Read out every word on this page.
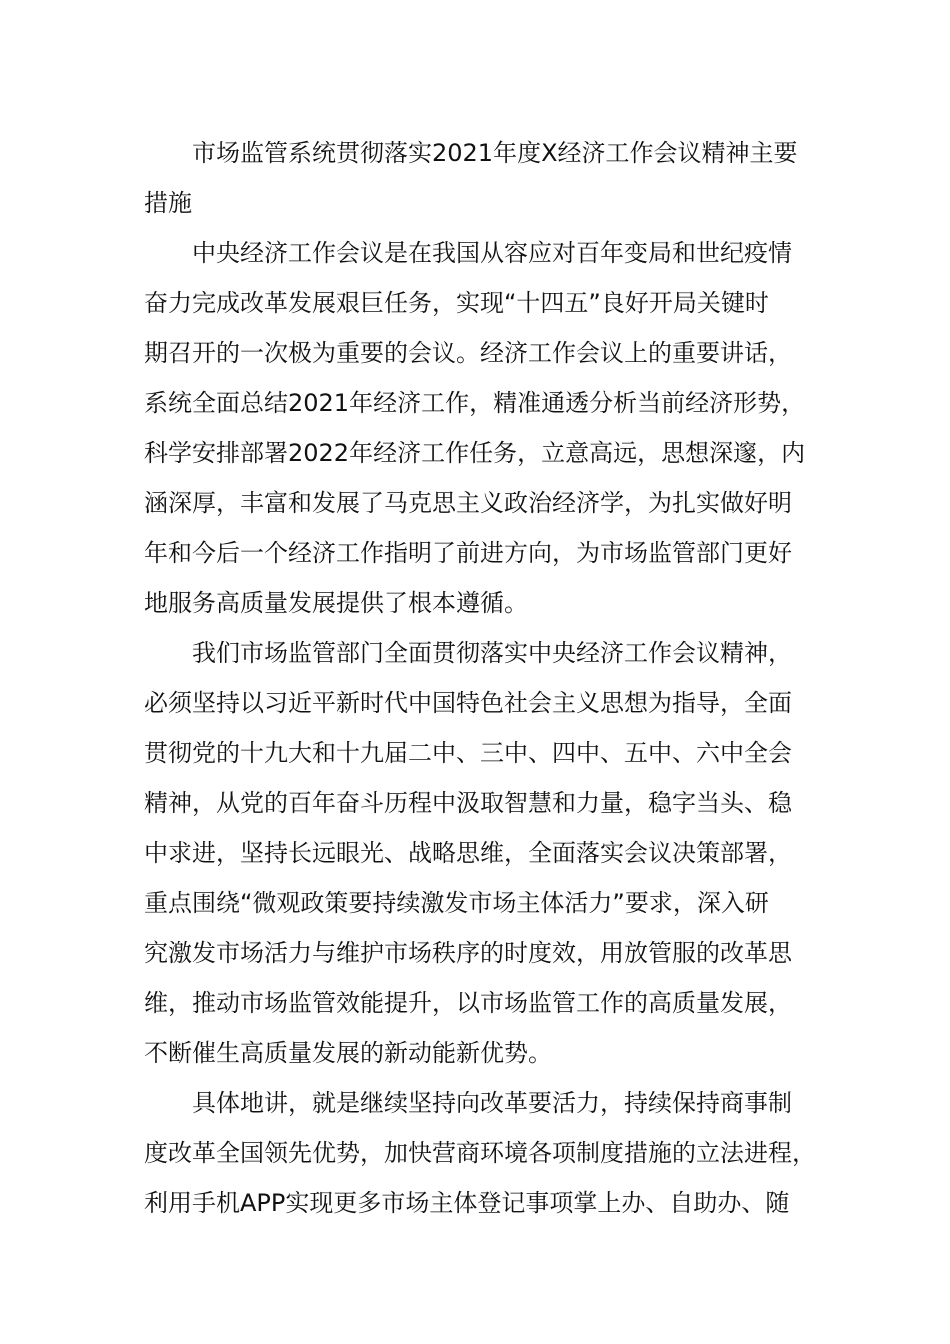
市场监管系统贯彻落实2021年度X经济工作会议精神主要
措施
中央经济工作会议是在我国从容应对百年变局和世纪疫情
奋力完成改革发展艰巨任务，实现“十四五”良好开局关键时
期召开的一次极为重要的会议。经济工作会议上的重要讲话，
系统全面总结2021年经济工作，精准通透分析当前经济形势，
科学安排部署2022年经济工作任务，立意高远，思想深邃，内
涵深厚，丰富和发展了马克思主义政治经济学，为扎实做好明
年和今后一个经济工作指明了前进方向，为市场监管部门更好
地服务高质量发展提供了根本遵循。
我们市场监管部门全面贯彻落实中央经济工作会议精神，
必须坚持以习近平新时代中国特色社会主义思想为指导，全面
贯彻党的十九大和十九届二中、三中、四中、五中、六中全会
精神，从党的百年奋斗历程中汲取智慧和力量，稳字当头、稳
中求进，坚持长远眼光、战略思维，全面落实会议决策部署，
重点围绕“微观政策要持续激发市场主体活力”要求，深入研
究激发市场活力与维护市场秩序的时度效，用放管服的改革思
维，推动市场监管效能提升，以市场监管工作的高质量发展，
不断催生高质量发展的新动能新优势。
具体地讲，就是继续坚持向改革要活力，持续保持商事制
度改革全国领先优势，加快营商环境各项制度措施的立法进程，
利用手机APP实现更多市场主体登记事项掌上办、自助办、随
